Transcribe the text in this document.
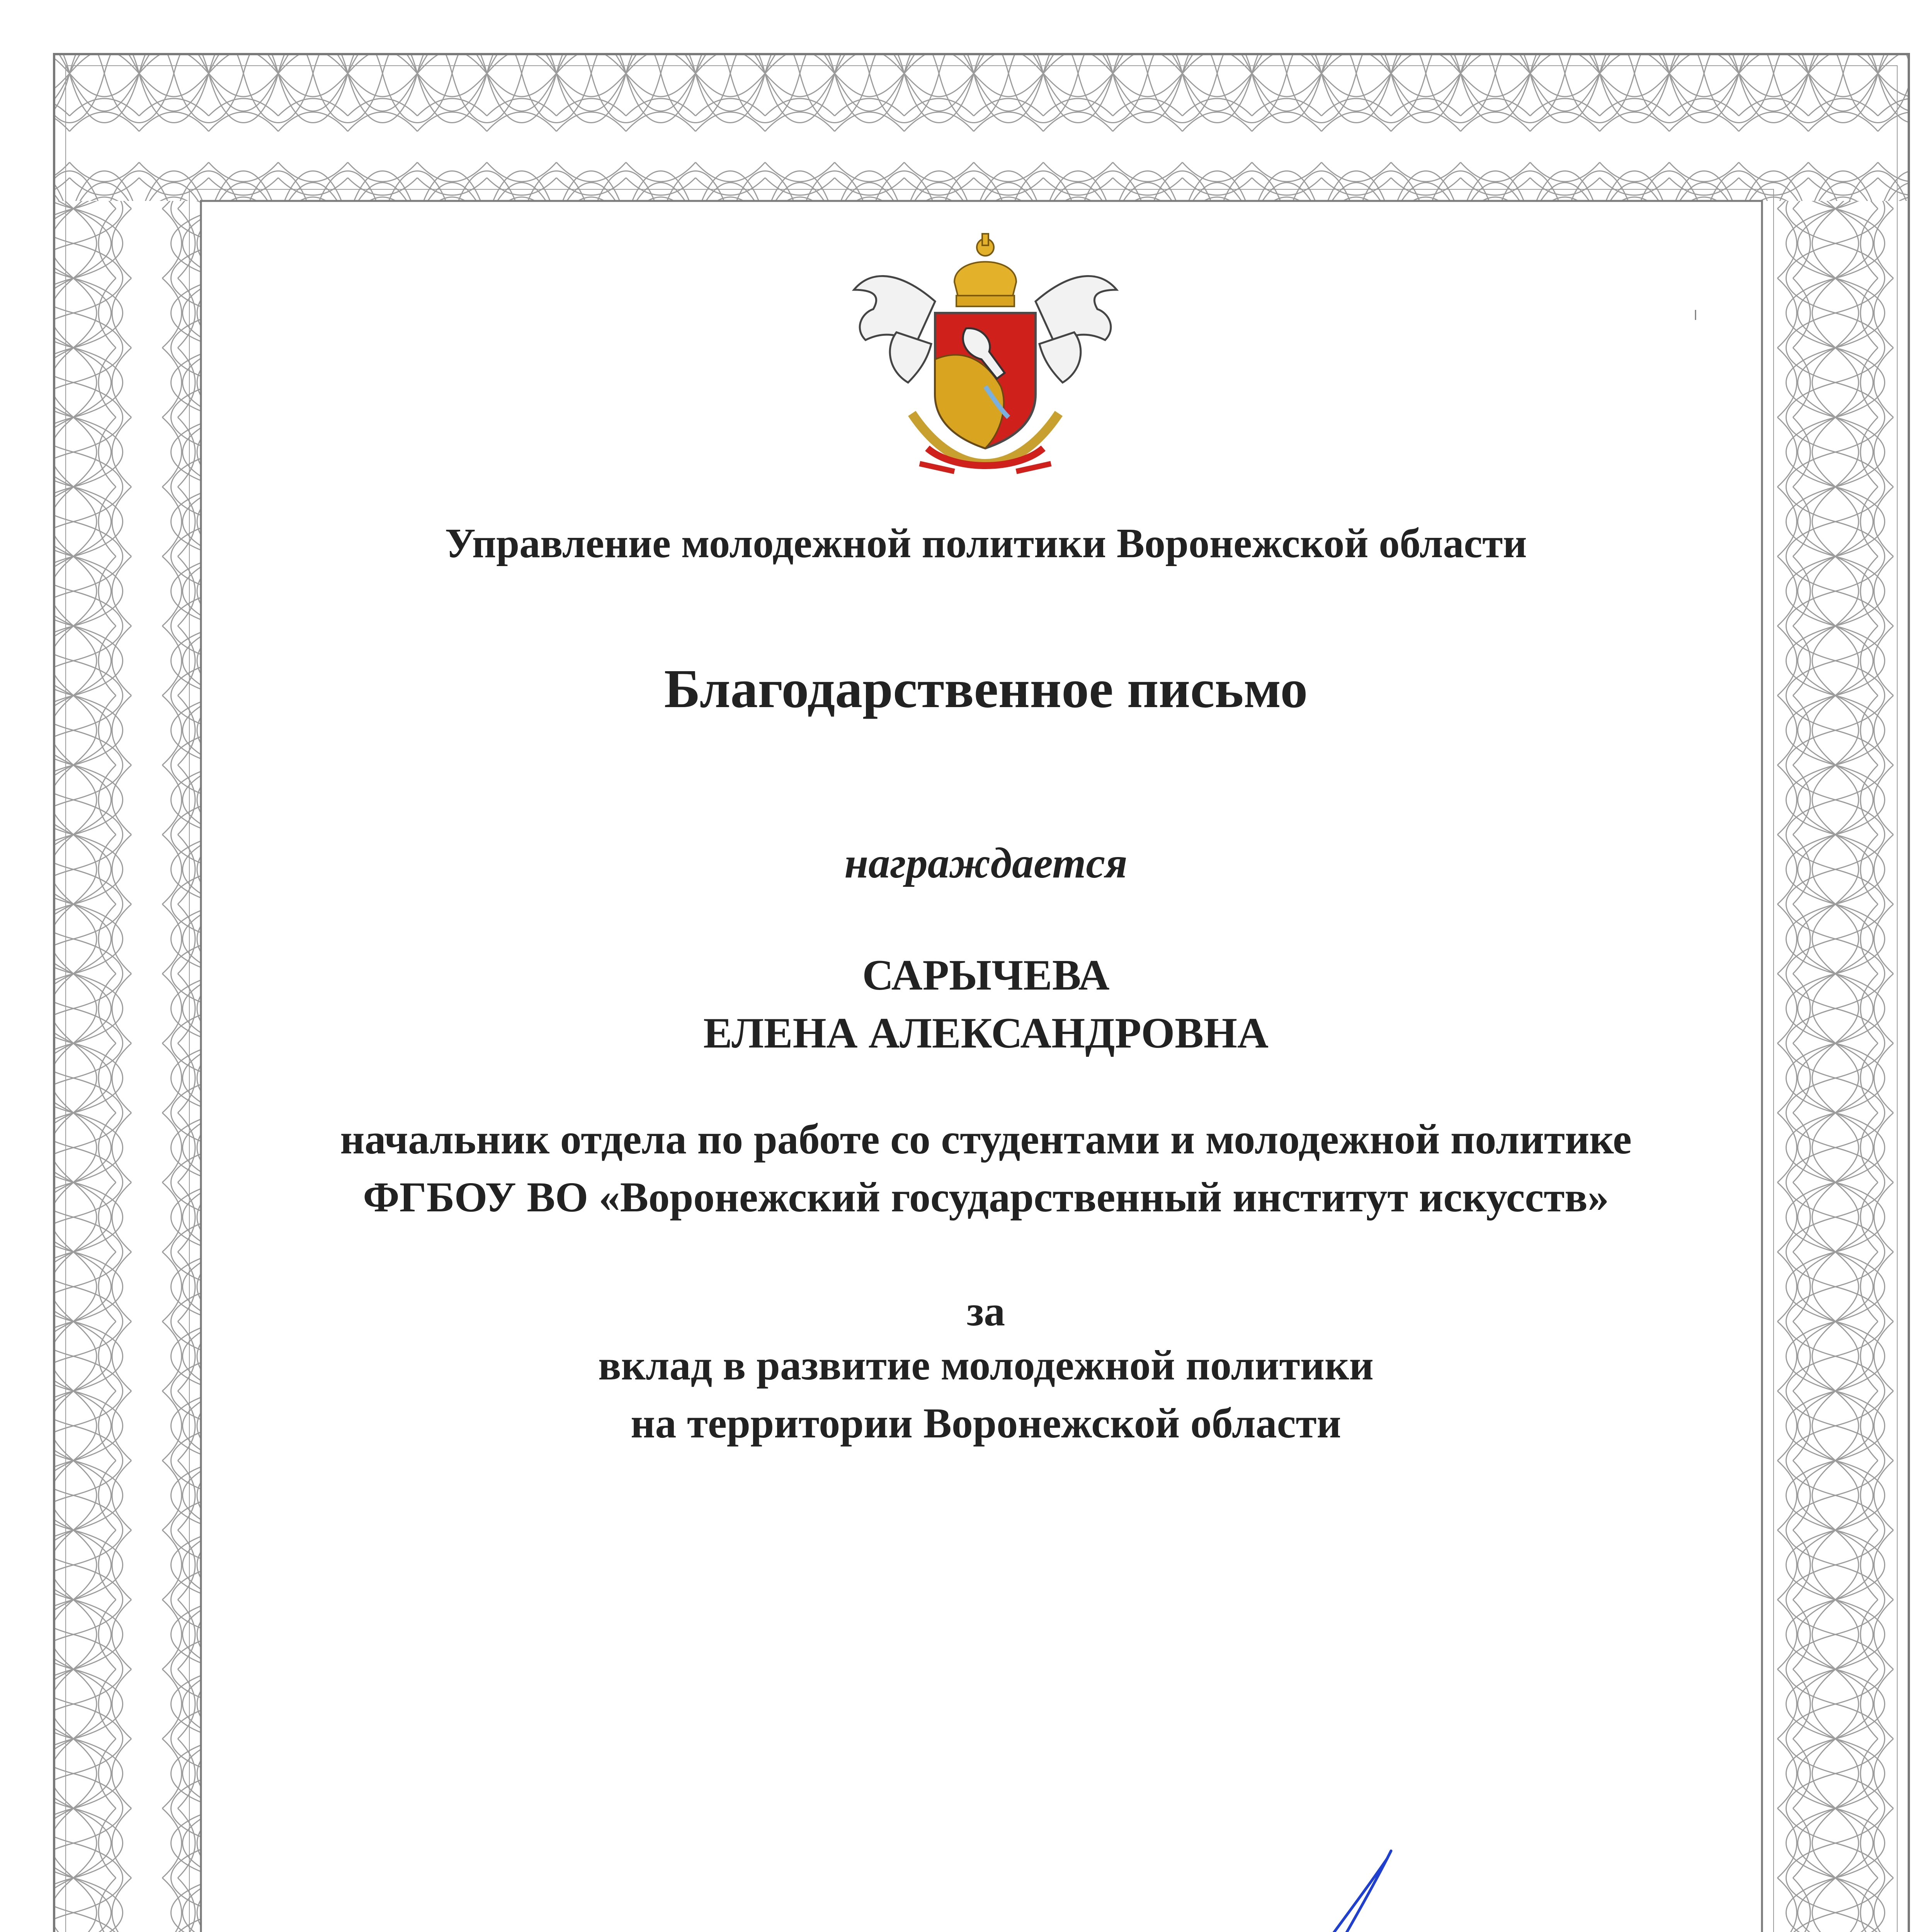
Управление молодежной политики Воронежской области
Благодарственное письмо
награждается
САРЫЧЕВА
ЕЛЕНА АЛЕКСАНДРОВНА
начальник отдела по работе со студентами и молодежной политике
ФГБОУ ВО «Воронежский государственный институт искусств»
за
вклад в развитие молодежной политики
на территории Воронежской области
